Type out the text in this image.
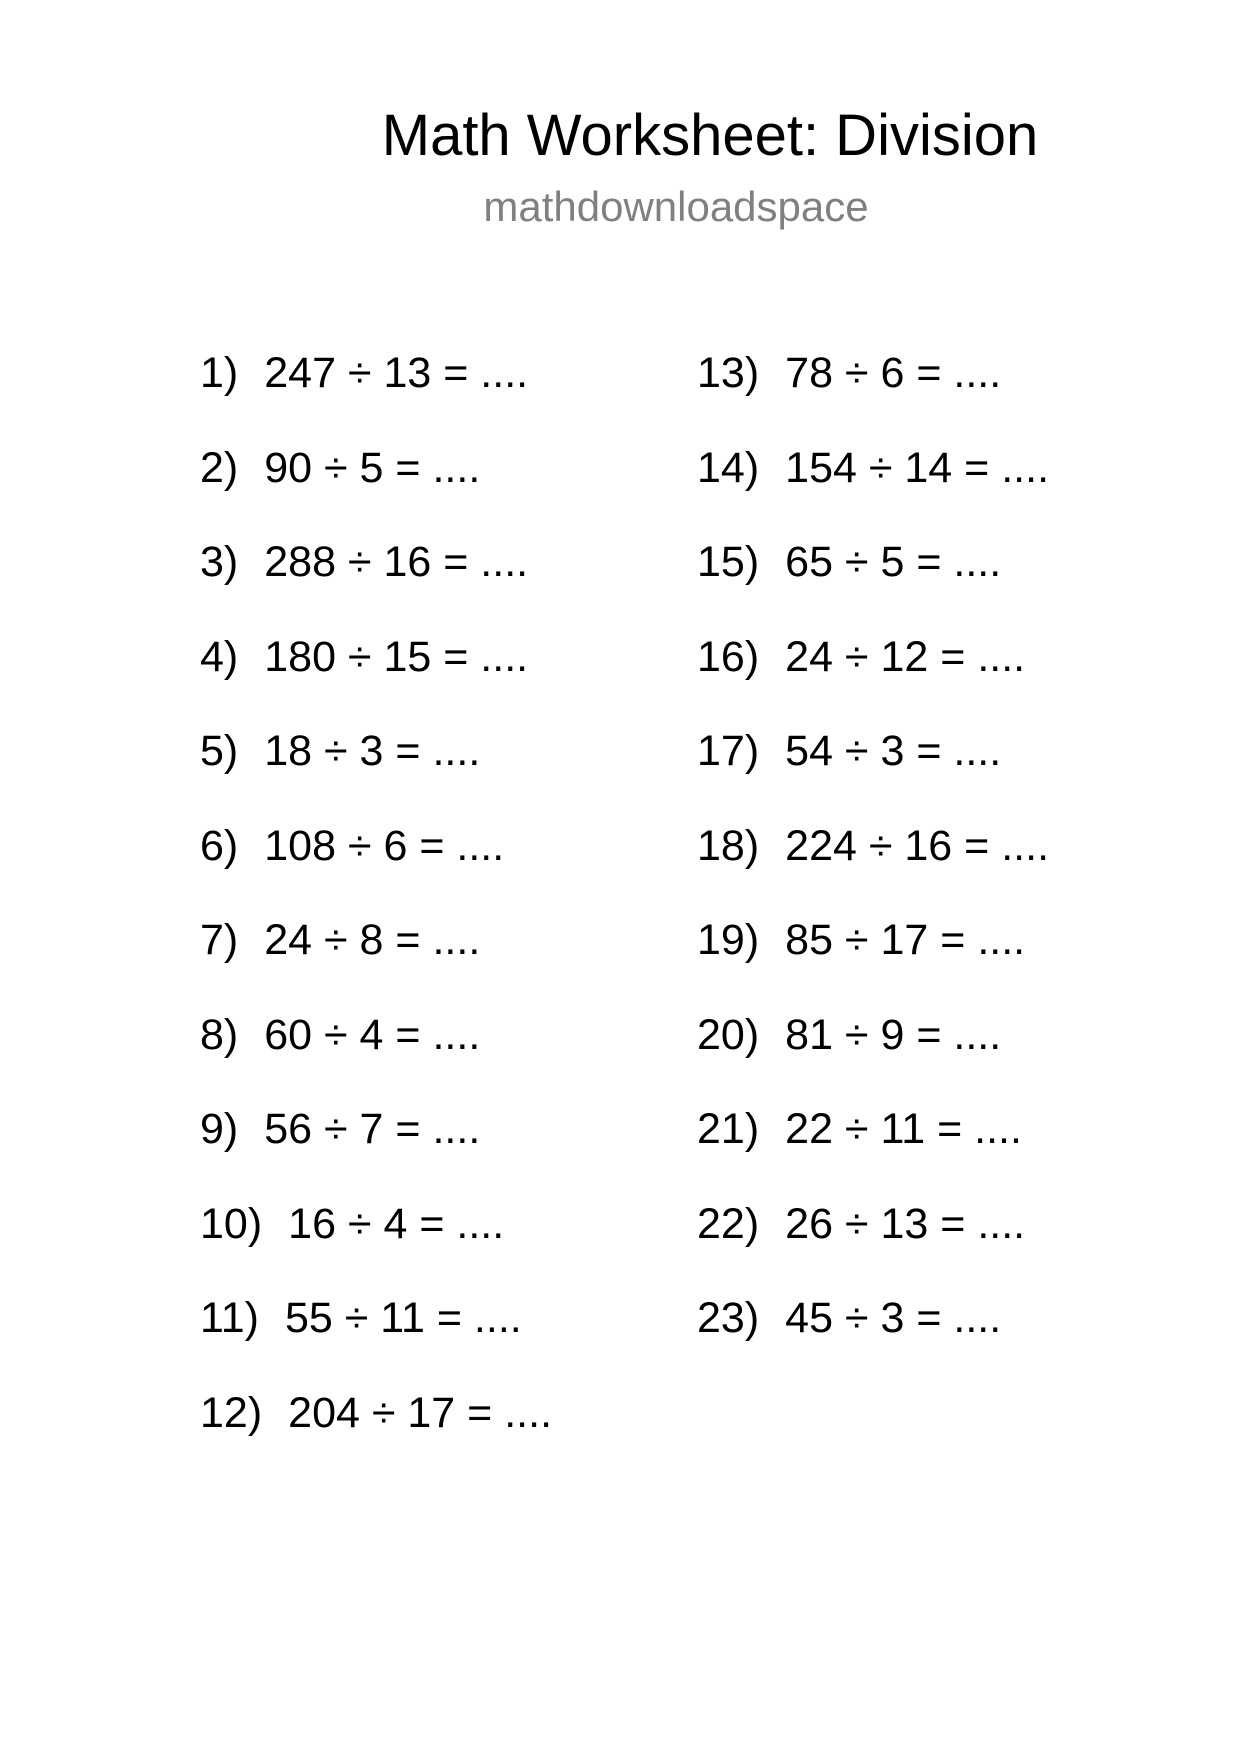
Math Worksheet: Division
mathdownloadspace
1) 247 ÷ 13 = ....
2) 90 ÷ 5 = ....
3) 288 ÷ 16 = ....
4) 180 ÷ 15 = ....
5) 18 ÷ 3 = ....
6) 108 ÷ 6 = ....
7) 24 ÷ 8 = ....
8) 60 ÷ 4 = ....
9) 56 ÷ 7 = ....
10) 16 ÷ 4 = ....
11) 55 ÷ 11 = ....
12) 204 ÷ 17 = ....
13) 78 ÷ 6 = ....
14) 154 ÷ 14 = ....
15) 65 ÷ 5 = ....
16) 24 ÷ 12 = ....
17) 54 ÷ 3 = ....
18) 224 ÷ 16 = ....
19) 85 ÷ 17 = ....
20) 81 ÷ 9 = ....
21) 22 ÷ 11 = ....
22) 26 ÷ 13 = ....
23) 45 ÷ 3 = ....
